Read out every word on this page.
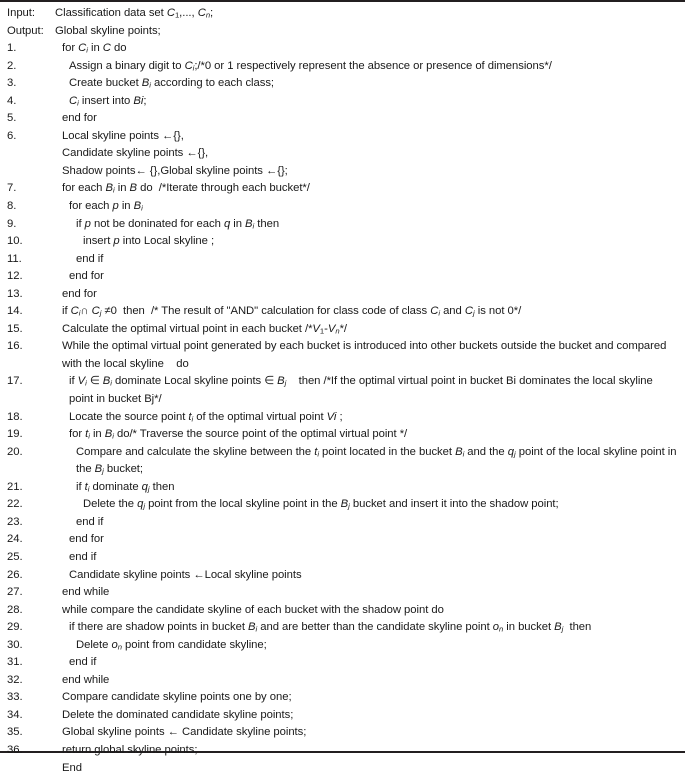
Input:	Classification data set $C_1$,..., $C_n$;
Output: Global skyline points;
1.	for $C_i$ in C do
2.	Assign a binary digit to $C_i;/*0$ or 1 respectively represent the absence or presence of dimensions*/
3.	Create bucket $B_i$ according to each class;
4.	$C_i$ insert into Bi;
5.	end for
6.	Local skyline points ←{},
Candidate skyline points ←{},
Shadow points← {},Global skyline points ←{};
7.	for each $B_i$ in B do  /*Iterate through each bucket*/
8.	for each p in $B_i$
9.	if p not be doninated for each q in $B_i$ then
10.	insert p into Local skyline ;
11.	end if
12.	end for
13.	end for
14.	if $C_i\cap$ $C_j \ne 0$  then  /* The result of "AND" calculation for class code of class $C_i$ and $C_j$ is not 0*/
15.	Calculate the optimal virtual point in each bucket $/*V_1-V_n*/$
16.	While the optimal virtual point generated by each bucket is introduced into other buckets outside the bucket and compared with the local skyline    do
17.	if $V_i$ ∈ $B_i$ dominate Local skyline points ∈ $B_j$    then /*If the optimal virtual point in bucket Bi dominates the local skyline point in bucket Bj*/
18.	Locate the source point $t_i$ of the optimal virtual point Vi ;
19.	for $t_i$ in $B_i$ do/* Traverse the source point of the optimal virtual point */
20.	Compare and calculate the skyline between the $t_i$ point located in the bucket $B_i$ and the $q_j$ point of the local skyline point in the $B_j$ bucket;
21.	if $t_i$ dominate $q_j$ then
22.	Delete the $q_j$ point from the local skyline point in the $B_j$ bucket and insert it into the shadow point;
23.	end if
24.	end for
25.	end if
26.	Candidate skyline points ←Local skyline points
27.	end while
28.	while compare the candidate skyline of each bucket with the shadow point do
29.	if there are shadow points in bucket $B_i$ and are better than the candidate skyline point $o_n$ in bucket $B_j$  then
30.	Delete $o_n$ point from candidate skyline;
31.	end if
32.	end while
33.	Compare candidate skyline points one by one;
34.	Delete the dominated candidate skyline points;
35.	Global skyline points ← Candidate skyline points;
36.	return global skyline points;
End
